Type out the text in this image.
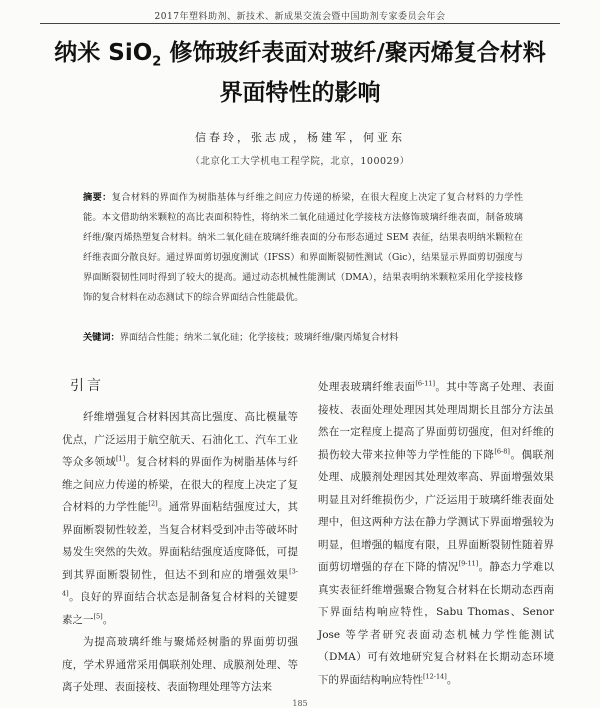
2017年塑料助剂、新技术、新成果交流会暨中国助剂专家委员会年会
纳米 SiO$_2$ 修饰玻纤表面对玻纤/聚丙烯复合材料
界面特性的影响
信春玲，张志成，杨建军，何亚东
（北京化工大学机电工程学院，北京，100029）
摘要：复合材料的界面作为树脂基体与纤维之间应力传递的桥梁，在很大程度上决定了复合材料的力学性能。本文借助纳米颗粒的高比表面积特性，将纳米二氧化硅通过化学接枝方法修饰玻璃纤维表面，制备玻璃纤维/聚丙烯热塑复合材料。纳米二氧化硅在玻璃纤维表面的分布形态通过 SEM 表征，结果表明纳米颗粒在纤维表面分散良好。通过界面剪切强度测试（IFSS）和界面断裂韧性测试（Gic），结果显示界面剪切强度与界面断裂韧性同时得到了较大的提高。通过动态机械性能测试（DMA），结果表明纳米颗粒采用化学接枝修饰的复合材料在动态测试下的综合界面结合性能最优。
关键词：界面结合性能；纳米二氧化硅；化学接枝；玻璃纤维/聚丙烯复合材料
引言

纤维增强复合材料因其高比强度、高比模量等优点，广泛运用于航空航天、石油化工、汽车工业等众多领域[1]。复合材料的界面作为树脂基体与纤维之间应力传递的桥梁，在很大的程度上决定了复合材料的力学性能[2]。通常界面粘结强度过大，其界面断裂韧性较差，当复合材料受到冲击等破坏时易发生突然的失效。界面粘结强度适度降低，可提到其界面断裂韧性，但达不到和应的增强效果[3-4]。良好的界面结合状态是制备复合材料的关键要素之一[5]。

为提高玻璃纤维与聚烯烃树脂的界面剪切强度，学术界通常采用偶联剂处理、成膜剂处理、等离子处理、表面接枝、表面物理处理等方法来

处理表玻璃纤维表面[6-11]。其中等离子处理、表面接枝、表面处理处理因其处理周期长且部分方法虽然在一定程度上提高了界面剪切强度，但对纤维的损伤较大带来拉伸等力学性能的下降[6-8]。偶联剂处理、成膜剂处理因其处理效率高、界面增强效果明显且对纤维损伤少，广泛运用于玻璃纤维表面处理中，但这两种方法在静力学测试下界面增强较为明显，但增强的幅度有限，且界面断裂韧性随着界面剪切增强的存在下降的情况[9-11]。静态力学难以真实表征纤维增强聚合物复合材料在长期动态西南下界面结构响应特性，Sabu Thomas、Senor Jose 等学者研究表面动态机械力学性能测试（DMA）可有效地研究复合材料在长期动态环境下的界面结构响应特性[12-14]。

185
